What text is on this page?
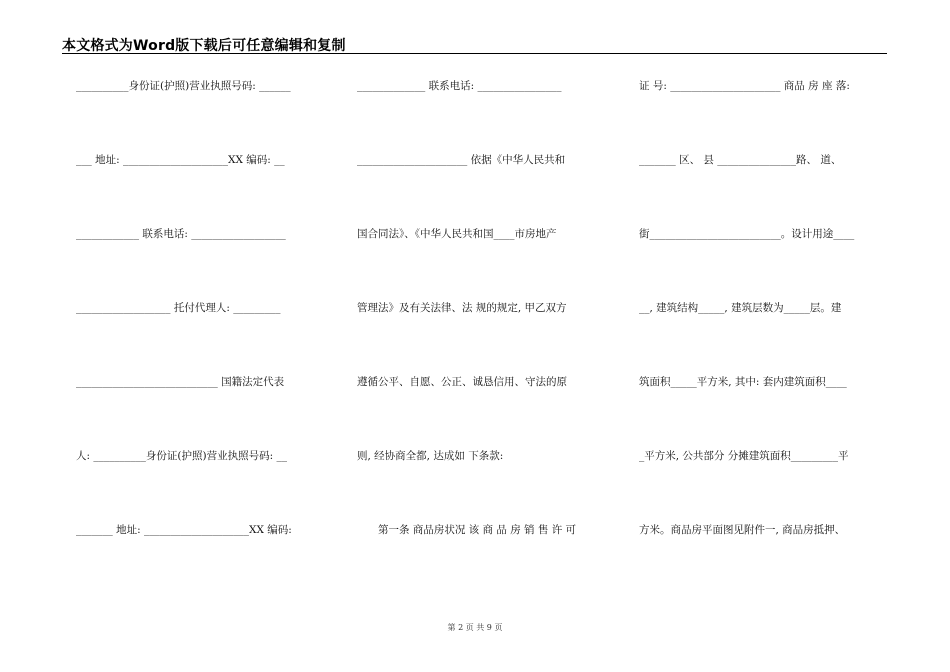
本文格式为Word版下载后可任意编辑和复制
__________身份证(护照)营业执照号码: ______
___ 地址: ____________________XX 编码: __
____________ 联系电话: __________________
__________________ 托付代理人: _________
___________________________ 国籍法定代表
人: __________身份证(护照)营业执照号码: __
_______ 地址: ____________________XX 编码:
_____________ 联系电话: ________________
_____________________ 依据《中华人民共和
国合同法》、《中华人民共和国____市房地产
管理法》及有关法律、法 规的规定, 甲乙双方
遵循公平、自愿、公正、诚恳信用、守法的原
则, 经协商全都, 达成如 下条款:
　　第一条 商品房状况 该 商 品 房 销 售 许 可
证 号: _____________________ 商品 房 座 落:
_______ 区、 县 _______________路、 道、
街_________________________。设计用途____
__, 建筑结构_____, 建筑层数为_____层。建
筑面积_____平方米, 其中: 套内建筑面积____
_平方米, 公共部分 分摊建筑面积_________平
方米。商品房平面图见附件一, 商品房抵押、
第 2 页 共 9 页
